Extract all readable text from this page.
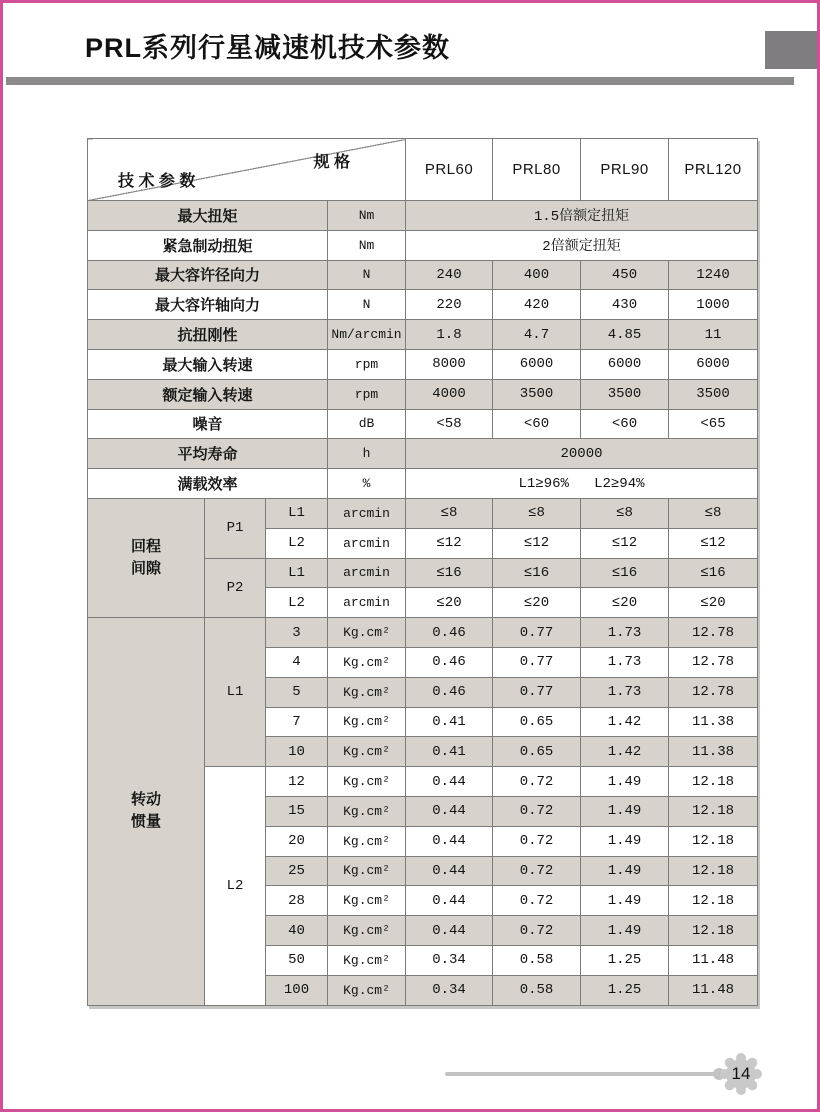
PRL系列行星减速机技术参数
规 格
技 术 参 数				PRL60	PRL80	PRL90	PRL120
最大扭矩			Nm	1.5倍额定扭矩			
紧急制动扭矩			Nm	2倍额定扭矩			
最大容许径向力			N	240	400	450	1240
最大容许轴向力			N	220	420	430	1000
抗扭刚性			Nm/arcmin	1.8	4.7	4.85	11
最大输入转速			rpm	8000	6000	6000	6000
额定输入转速			rpm	4000	3500	3500	3500
噪音			dB	<58	<60	<60	<65
平均寿命			h	20000			
满载效率			%	L1≥96%   L2≥94%			

回程
间隙	P1	L1	arcmin	≤8	≤8	≤8	≤8
		L2	arcmin	≤12	≤12	≤12	≤12
	P2	L1	arcmin	≤16	≤16	≤16	≤16
		L2	arcmin	≤20	≤20	≤20	≤20

转动
惯量	L1	3	Kg.cm²	0.46	0.77	1.73	12.78
		4	Kg.cm²	0.46	0.77	1.73	12.78
		5	Kg.cm²	0.46	0.77	1.73	12.78
		7	Kg.cm²	0.41	0.65	1.42	11.38
		10	Kg.cm²	0.41	0.65	1.42	11.38
	L2	12	Kg.cm²	0.44	0.72	1.49	12.18
		15	Kg.cm²	0.44	0.72	1.49	12.18
		20	Kg.cm²	0.44	0.72	1.49	12.18
		25	Kg.cm²	0.44	0.72	1.49	12.18
		28	Kg.cm²	0.44	0.72	1.49	12.18
		40	Kg.cm²	0.44	0.72	1.49	12.18
		50	Kg.cm²	0.34	0.58	1.25	11.48
		100	Kg.cm²	0.34	0.58	1.25	11.48
14
